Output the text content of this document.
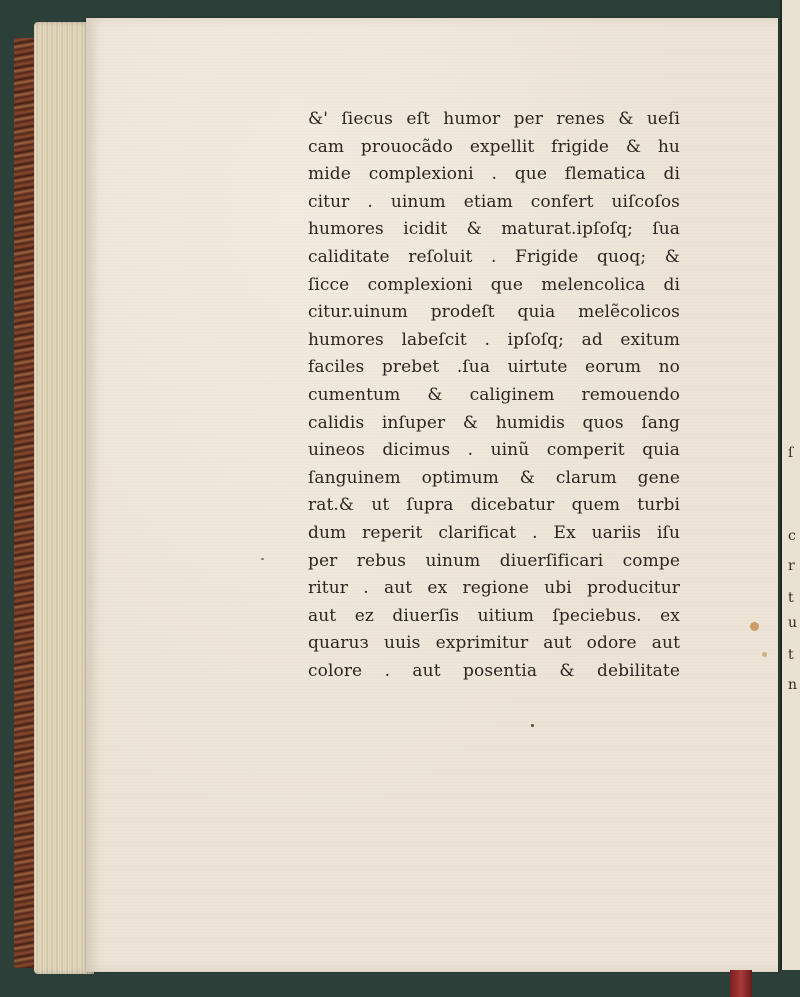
&' ſiecus eſt humor per renes & ueſi
cam prouocãdo expellit frigide & hu
mide complexioni . que flematica di
citur . uinum etiam confert uiſcoſos
humores icidit & maturat.ipſoſq; ſua
caliditate reſoluit . Frigide quoq; &
ſicce complexioni que melencolica di
citur.uinum prodeſt quia melẽcolicos
humores labeſcit . ipſoſq; ad exitum
faciles prebet .ſua uirtute eorum no
cumentum & caliginem remouendo
calidis inſuper & humidis quos ſang
uineos dicimus . uinũ comperit quia
ſanguinem optimum & clarum gene
rat.& ut ſupra dicebatur quem turbi
dum reperit clarificat . Ex uariis iſu
per rebus uinum diuerſificari compe
ritur . aut ex regione ubi producitur
aut ez diuerſis uitium ſpeciebus. ex
quaruз uuis exprimitur aut odore aut
colore . aut posentia & debilitate
ſ
c
r
t
u
t
n
